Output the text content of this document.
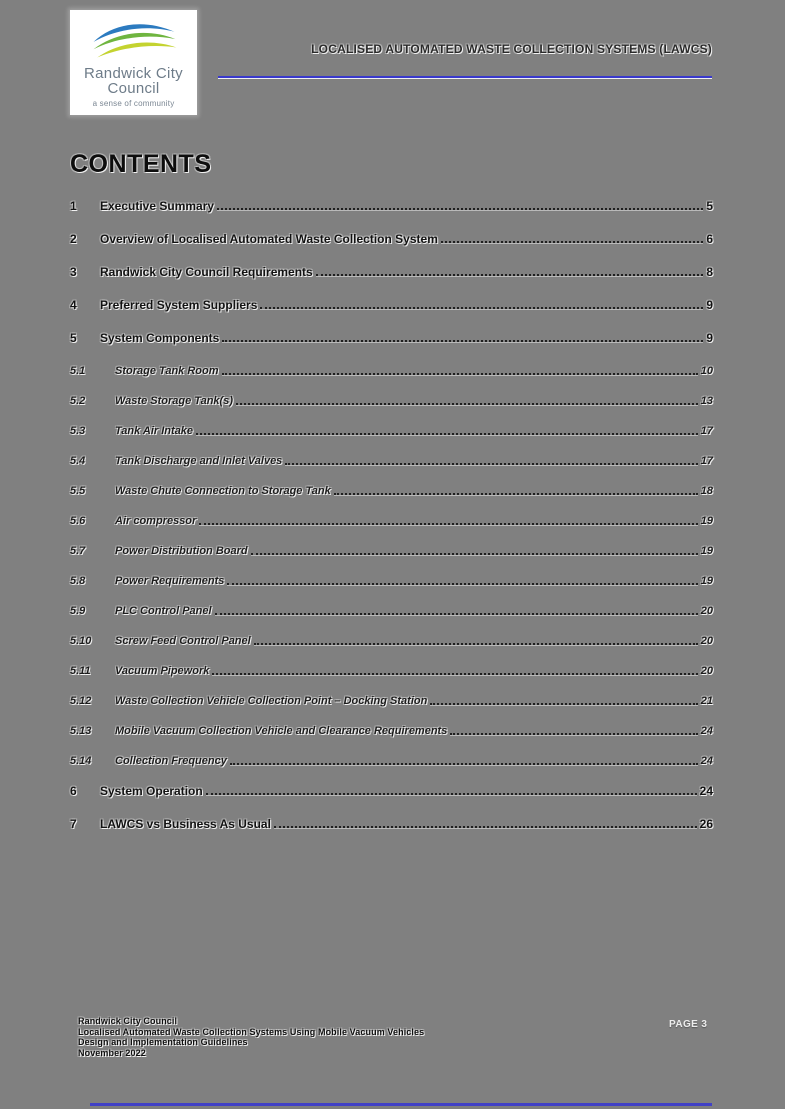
Randwick City
Council
a sense of community
LOCALISED AUTOMATED WASTE COLLECTION SYSTEMS (LAWCS)
CONTENTS
1	Executive Summary	5
2	Overview of Localised Automated Waste Collection System	6
3	Randwick City Council Requirements	8
4	Preferred System Suppliers	9
5	System Components	9
5.1	Storage Tank Room	10
5.2	Waste Storage Tank(s)	13
5.3	Tank Air Intake	17
5.4	Tank Discharge and Inlet Valves	17
5.5	Waste Chute Connection to Storage Tank	18
5.6	Air compressor	19
5.7	Power Distribution Board	19
5.8	Power Requirements	19
5.9	PLC Control Panel	20
5.10	Screw Feed Control Panel	20
5.11	Vacuum Pipework	20
5.12	Waste Collection Vehicle Collection Point – Docking Station	21
5.13	Mobile Vacuum Collection Vehicle and Clearance Requirements	24
5.14	Collection Frequency	24
6	System Operation	24
7	LAWCS vs Business As Usual	26
Randwick City Council
Localised Automated Waste Collection Systems Using Mobile Vacuum Vehicles
Design and Implementation Guidelines
November 2022
PAGE 3
